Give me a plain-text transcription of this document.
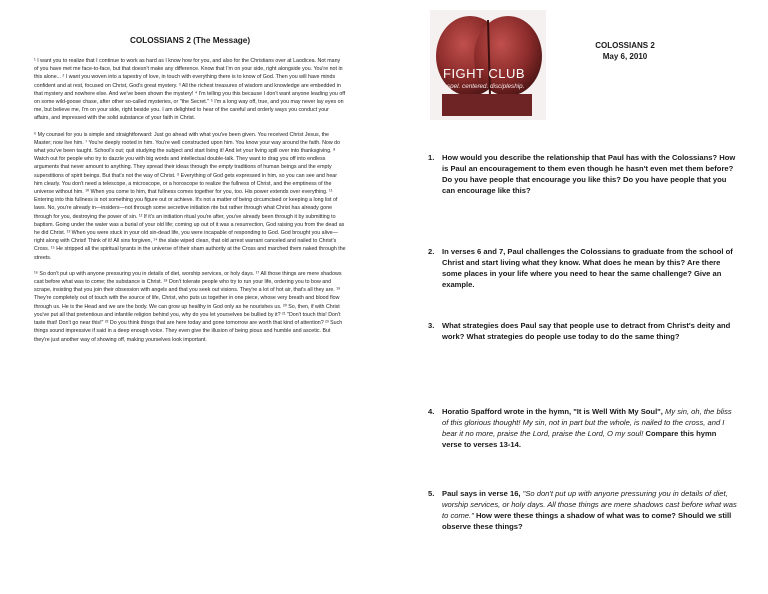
COLOSSIANS 2 (The Message)

¹ I want you to realize that I continue to work as hard as I know how for you, and also for the Christians over at Laodicea. Not many of you have met me face-to-face, but that doesn't make any difference. Know that I'm on your side, right alongside you. You're not in this alone... ² I want you woven into a tapestry of love, in touch with everything there is to know of God. Then you will have minds confident and at rest, focused on Christ, God's great mystery. ³ All the richest treasures of wisdom and knowledge are embedded in that mystery and nowhere else. And we've been shown the mystery! ⁴ I'm telling you this because I don't want anyone leading you off on some wild-goose chase, after other so-called mysteries, or "the Secret." ⁵ I'm a long way off, true, and you may never lay eyes on me, but believe me, I'm on your side, right beside you. I am delighted to hear of the careful and orderly ways you conduct your affairs, and impressed with the solid substance of your faith in Christ.

⁶ My counsel for you is simple and straightforward: Just go ahead with what you've been given. You received Christ Jesus, the Master; now live him. ⁷ You're deeply rooted in him. You're well constructed upon him. You know your way around the faith. Now do what you've been taught. School's out; quit studying the subject and start living it! And let your living spill over into thanksgiving. ⁸ Watch out for people who try to dazzle you with big words and intellectual double-talk. They want to drag you off into endless arguments that never amount to anything. They spread their ideas through the empty traditions of human beings and the empty superstitions of spirit beings. But that's not the way of Christ. ⁹ Everything of God gets expressed in him, so you can see and hear him clearly. You don't need a telescope, a microscope, or a horoscope to realize the fullness of Christ, and the emptiness of the universe without him. ¹⁰ When you come to him, that fullness comes together for you, too. His power extends over everything. ¹¹ Entering into this fullness is not something you figure out or achieve. It's not a matter of being circumcised or keeping a long list of laws. No, you're already in—insiders—not through some secretive initiation rite but rather through what Christ has already gone through for you, destroying the power of sin. ¹² If it's an initiation ritual you're after, you've already been through it by submitting to baptism. Going under the water was a burial of your old life; coming up out of it was a resurrection, God raising you from the dead as he did Christ. ¹³ When you were stuck in your old sin-dead life, you were incapable of responding to God. God brought you alive—right along with Christ! Think of it! All sins forgiven, ¹⁴ the slate wiped clean, that old arrest warrant canceled and nailed to Christ's Cross. ¹⁵ He stripped all the spiritual tyrants in the universe of their sham authority at the Cross and marched them naked through the streets.

¹⁶ So don't put up with anyone pressuring you in details of diet, worship services, or holy days. ¹⁷ All those things are mere shadows cast before what was to come; the substance is Christ. ¹⁸ Don't tolerate people who try to run your life, ordering you to bow and scrape, insisting that you join their obsession with angels and that you seek out visions. They're a lot of hot air, that's all they are. ¹⁹ They're completely out of touch with the source of life, Christ, who puts us together in one piece, whose very breath and blood flow through us. He is the Head and we are the body. We can grow up healthy in God only as he nourishes us. ²⁰ So, then, if with Christ you've put all that pretentious and infantile religion behind you, why do you let yourselves be bullied by it? ²¹ "Don't touch this! Don't taste that! Don't go near this!" ²² Do you think things that are here today and gone tomorrow are worth that kind of attention? ²³ Such things sound impressive if said in a deep enough voice. They even give the illusion of being pious and humble and ascetic. But they're just another way of showing off, making yourselves look important.

FIGHT CLUB
gospel. centered. discipleship.
COLOSSIANS 2
May 6, 2010
1.	How would you describe the relationship that Paul has with the Colossians? How is Paul an encouragement to them even though he hasn't even met them before? Do you have people that encourage you like this? Do you have people that you can encourage like this?
2.	In verses 6 and 7, Paul challenges the Colossians to graduate from the school of Christ and start living what they know. What does he mean by this? Are there some places in your life where you need to hear the same challenge? Give an example.
3.	What strategies does Paul say that people use to detract from Christ's deity and work? What strategies do people use today to do the same thing?
4.	Horatio Spafford wrote in the hymn, "It is Well With My Soul", My sin, oh, the bliss of this glorious thought! My sin, not in part but the whole, is nailed to the cross, and I bear it no more, praise the Lord, praise the Lord, O my soul! Compare this hymn verse to verses 13-14.
5.	Paul says in verse 16, "So don't put up with anyone pressuring you in details of diet, worship services, or holy days. All those things are mere shadows cast before what was to come." How were these things a shadow of what was to come? Should we still observe these things?
